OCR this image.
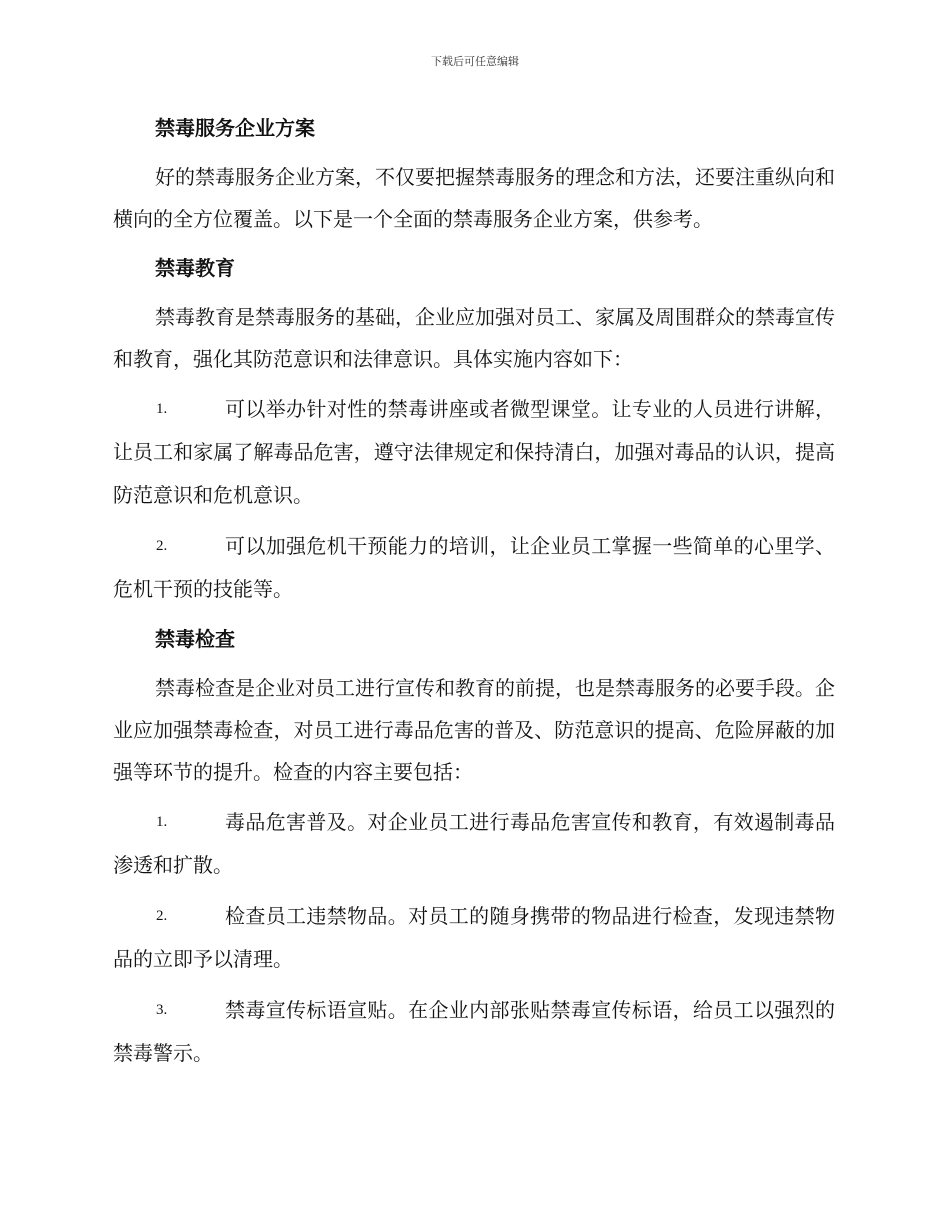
下载后可任意编辑
禁毒服务企业方案

好的禁毒服务企业方案，不仅要把握禁毒服务的理念和方法，还要注重纵向和横向的全方位覆盖。以下是一个全面的禁毒服务企业方案，供参考。

禁毒教育

禁毒教育是禁毒服务的基础，企业应加强对员工、家属及周围群众的禁毒宣传和教育，强化其防范意识和法律意识。具体实施内容如下：

1.	可以举办针对性的禁毒讲座或者微型课堂。让专业的人员进行讲解，让员工和家属了解毒品危害，遵守法律规定和保持清白，加强对毒品的认识，提高防范意识和危机意识。
2.	可以加强危机干预能力的培训，让企业员工掌握一些简单的心里学、危机干预的技能等。
禁毒检查

禁毒检查是企业对员工进行宣传和教育的前提，也是禁毒服务的必要手段。企业应加强禁毒检查，对员工进行毒品危害的普及、防范意识的提高、危险屏蔽的加强等环节的提升。检查的内容主要包括：

1.	毒品危害普及。对企业员工进行毒品危害宣传和教育，有效遏制毒品渗透和扩散。
2.	检查员工违禁物品。对员工的随身携带的物品进行检查，发现违禁物品的立即予以清理。
3.	禁毒宣传标语宣贴。在企业内部张贴禁毒宣传标语，给员工以强烈的禁毒警示。
